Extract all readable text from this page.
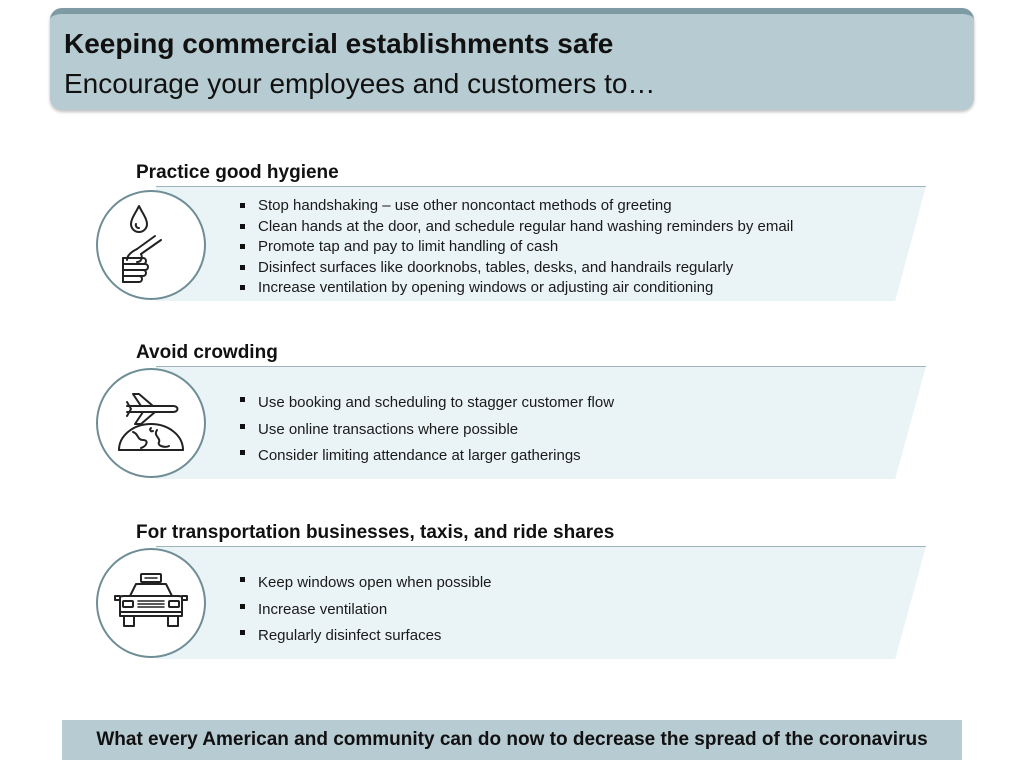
Keeping commercial establishments safe
Encourage your employees and customers to…
Practice good hygiene
Stop handshaking – use other noncontact methods of greeting
Clean hands at the door, and schedule regular hand washing reminders by email
Promote tap and pay to limit handling of cash
Disinfect surfaces like doorknobs, tables, desks, and handrails regularly
Increase ventilation by opening windows or adjusting air conditioning
Avoid crowding
Use booking and scheduling to stagger customer flow
Use online transactions where possible
Consider limiting attendance at larger gatherings
For transportation businesses, taxis, and ride shares
Keep windows open when possible
Increase ventilation
Regularly disinfect surfaces
What every American and community can do now to decrease the spread of the coronavirus
